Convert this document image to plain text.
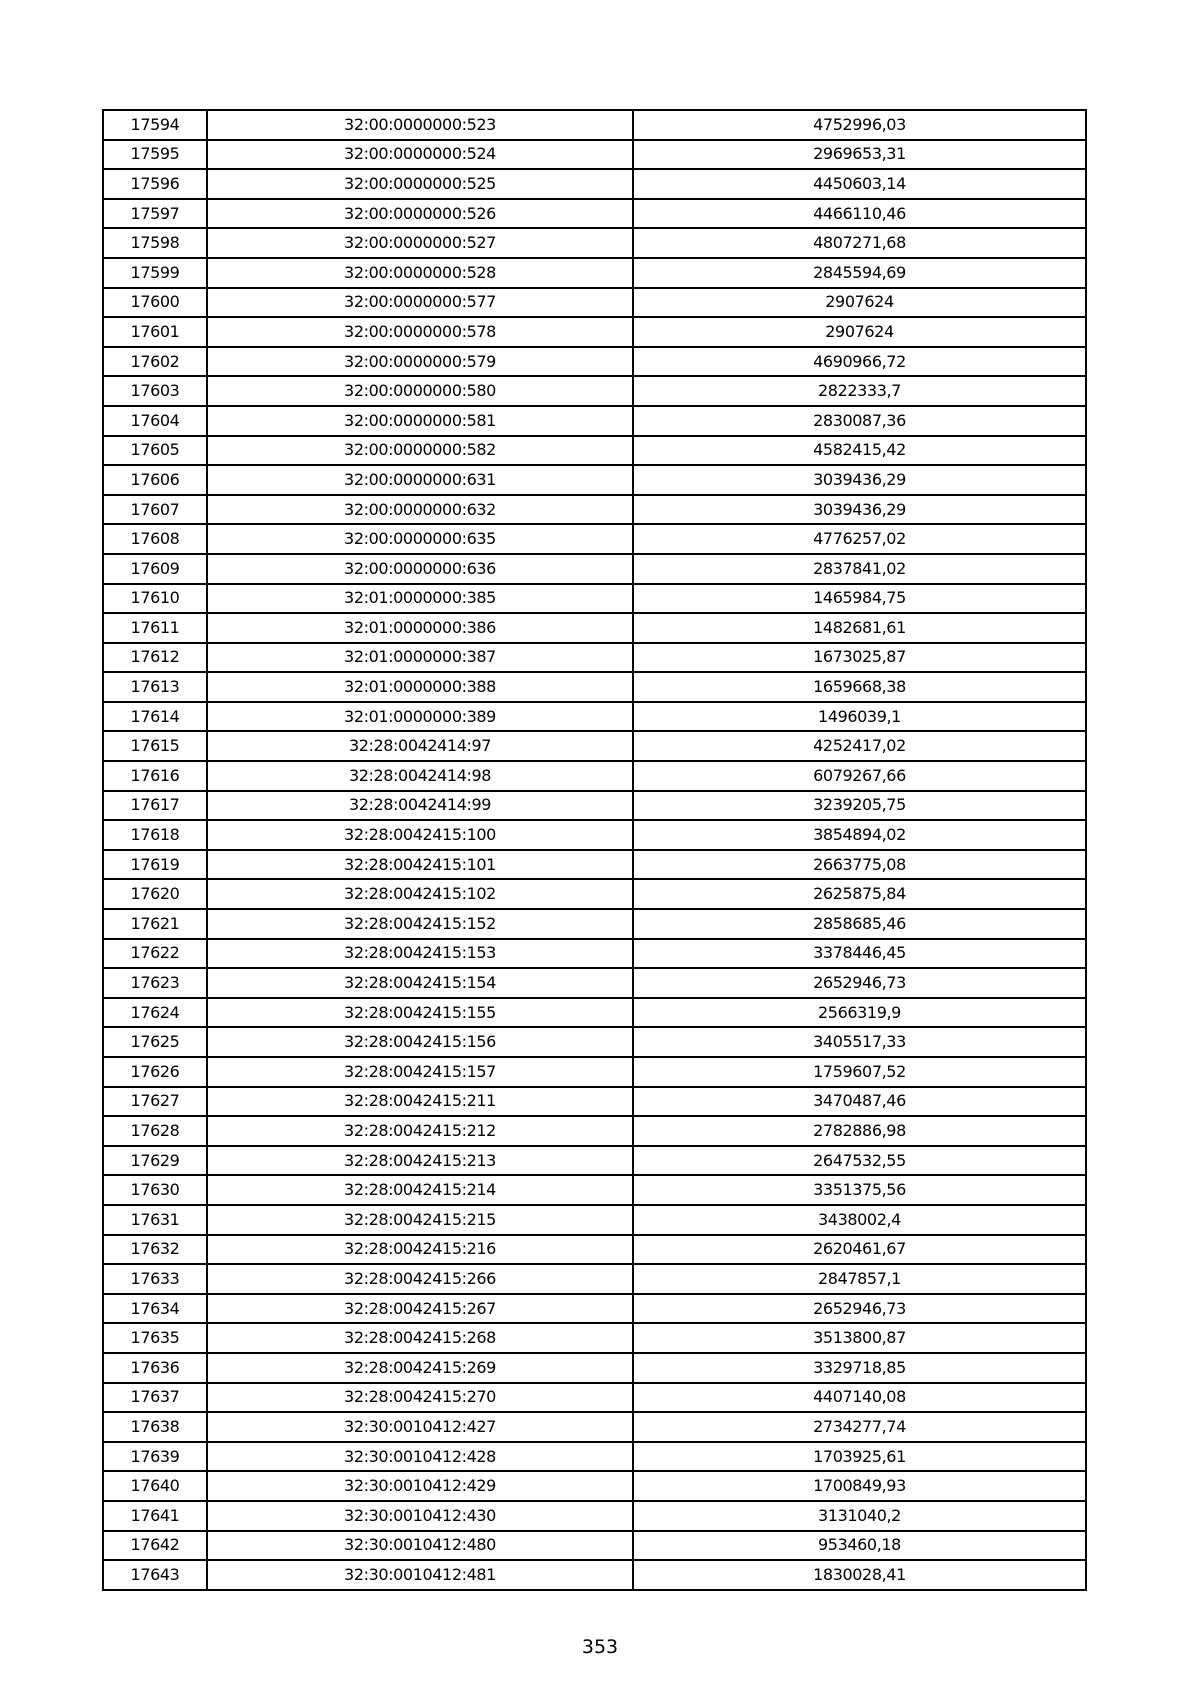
17594	32:00:0000000:523	4752996,03
17595	32:00:0000000:524	2969653,31
17596	32:00:0000000:525	4450603,14
17597	32:00:0000000:526	4466110,46
17598	32:00:0000000:527	4807271,68
17599	32:00:0000000:528	2845594,69
17600	32:00:0000000:577	2907624
17601	32:00:0000000:578	2907624
17602	32:00:0000000:579	4690966,72
17603	32:00:0000000:580	2822333,7
17604	32:00:0000000:581	2830087,36
17605	32:00:0000000:582	4582415,42
17606	32:00:0000000:631	3039436,29
17607	32:00:0000000:632	3039436,29
17608	32:00:0000000:635	4776257,02
17609	32:00:0000000:636	2837841,02
17610	32:01:0000000:385	1465984,75
17611	32:01:0000000:386	1482681,61
17612	32:01:0000000:387	1673025,87
17613	32:01:0000000:388	1659668,38
17614	32:01:0000000:389	1496039,1
17615	32:28:0042414:97	4252417,02
17616	32:28:0042414:98	6079267,66
17617	32:28:0042414:99	3239205,75
17618	32:28:0042415:100	3854894,02
17619	32:28:0042415:101	2663775,08
17620	32:28:0042415:102	2625875,84
17621	32:28:0042415:152	2858685,46
17622	32:28:0042415:153	3378446,45
17623	32:28:0042415:154	2652946,73
17624	32:28:0042415:155	2566319,9
17625	32:28:0042415:156	3405517,33
17626	32:28:0042415:157	1759607,52
17627	32:28:0042415:211	3470487,46
17628	32:28:0042415:212	2782886,98
17629	32:28:0042415:213	2647532,55
17630	32:28:0042415:214	3351375,56
17631	32:28:0042415:215	3438002,4
17632	32:28:0042415:216	2620461,67
17633	32:28:0042415:266	2847857,1
17634	32:28:0042415:267	2652946,73
17635	32:28:0042415:268	3513800,87
17636	32:28:0042415:269	3329718,85
17637	32:28:0042415:270	4407140,08
17638	32:30:0010412:427	2734277,74
17639	32:30:0010412:428	1703925,61
17640	32:30:0010412:429	1700849,93
17641	32:30:0010412:430	3131040,2
17642	32:30:0010412:480	953460,18
17643	32:30:0010412:481	1830028,41
353
